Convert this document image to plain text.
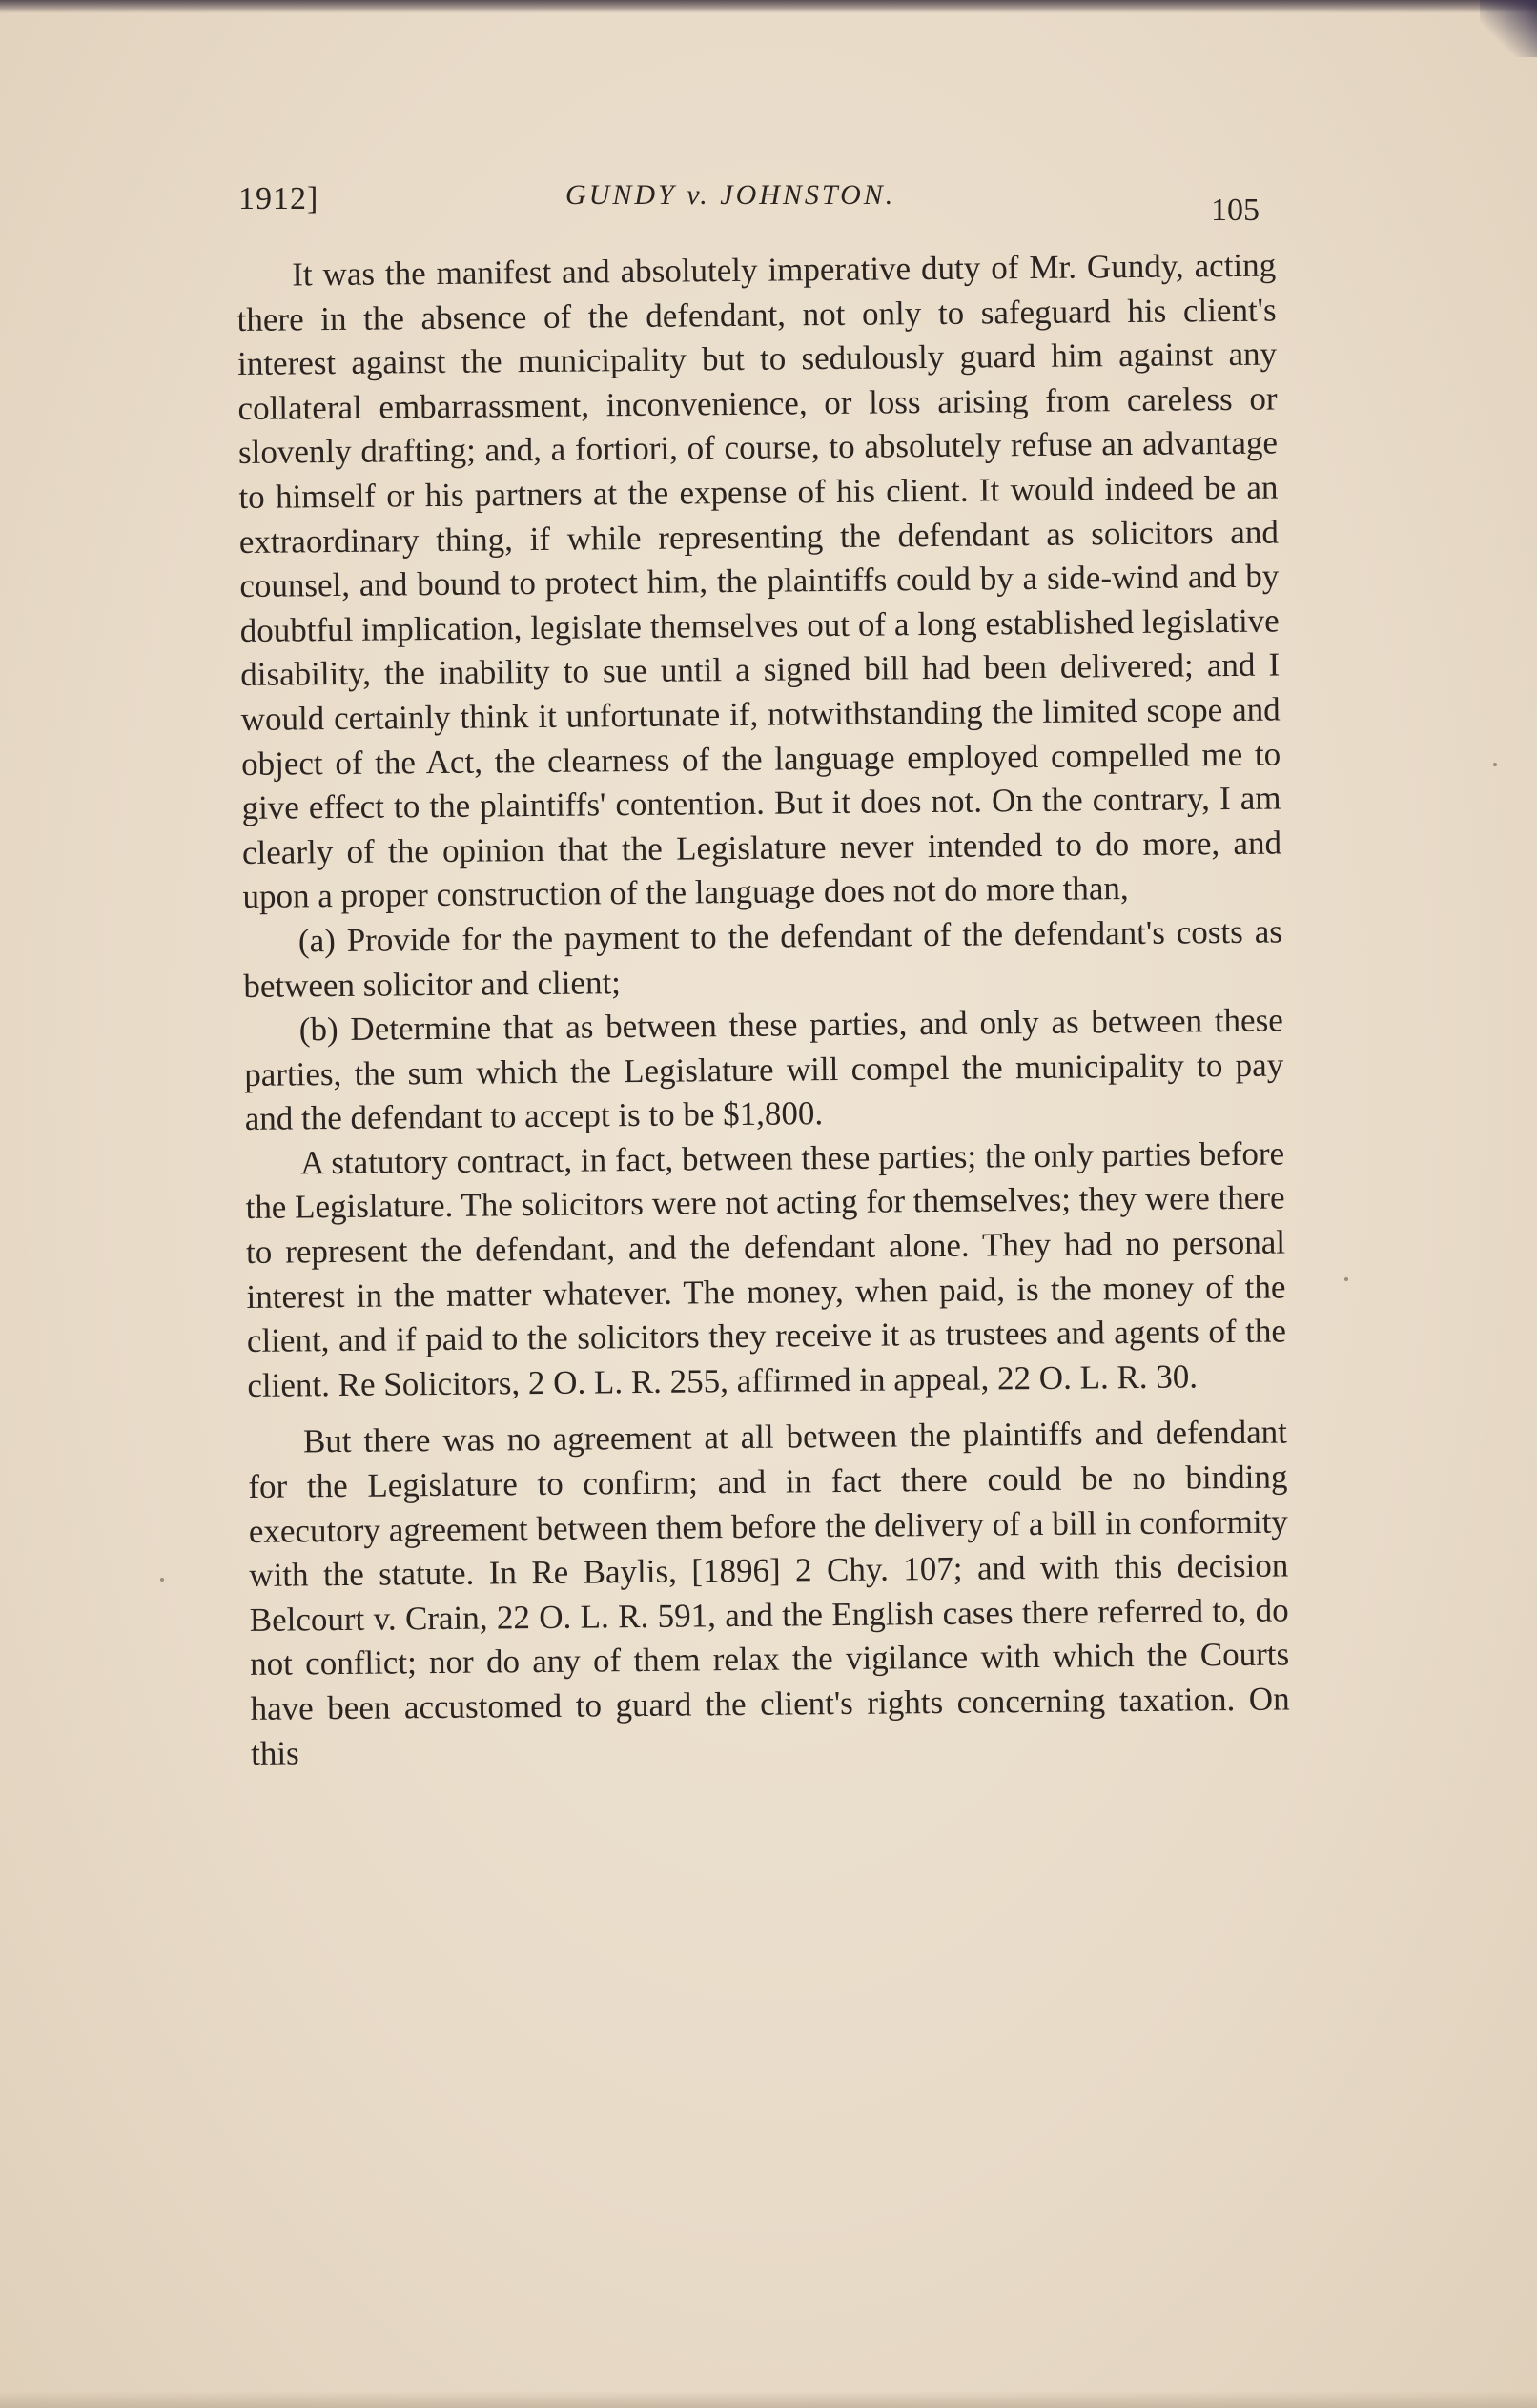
1912]	GUNDY v. JOHNSTON.	105

It was the manifest and absolutely imperative duty of Mr. Gundy, acting there in the absence of the defendant, not only to safeguard his client's interest against the municipality but to sedulously guard him against any collateral embarrassment, inconvenience, or loss arising from careless or slovenly drafting; and, a fortiori, of course, to absolutely refuse an advantage to himself or his partners at the expense of his client. It would indeed be an extraordinary thing, if while representing the defendant as solicitors and counsel, and bound to protect him, the plaintiffs could by a side-wind and by doubtful implication, legislate themselves out of a long established legislative disability, the inability to sue until a signed bill had been delivered; and I would certainly think it unfortunate if, notwithstanding the limited scope and object of the Act, the clearness of the language employed compelled me to give effect to the plaintiffs' contention. But it does not. On the contrary, I am clearly of the opinion that the Legislature never intended to do more, and upon a proper construction of the language does not do more than,

(a) Provide for the payment to the defendant of the defendant's costs as between solicitor and client;

(b) Determine that as between these parties, and only as between these parties, the sum which the Legislature will compel the municipality to pay and the defendant to accept is to be $1,800.

A statutory contract, in fact, between these parties; the only parties before the Legislature. The solicitors were not acting for themselves; they were there to represent the defendant, and the defendant alone. They had no personal interest in the matter whatever. The money, when paid, is the money of the client, and if paid to the solicitors they receive it as trustees and agents of the client. Re Solicitors, 2 O. L. R. 255, affirmed in appeal, 22 O. L. R. 30.

But there was no agreement at all between the plaintiffs and defendant for the Legislature to confirm; and in fact there could be no binding executory agreement between them before the delivery of a bill in conformity with the statute. In Re Baylis, [1896] 2 Chy. 107; and with this decision Belcourt v. Crain, 22 O. L. R. 591, and the English cases there referred to, do not conflict; nor do any of them relax the vigilance with which the Courts have been accustomed to guard the client's rights concerning taxation. On this
